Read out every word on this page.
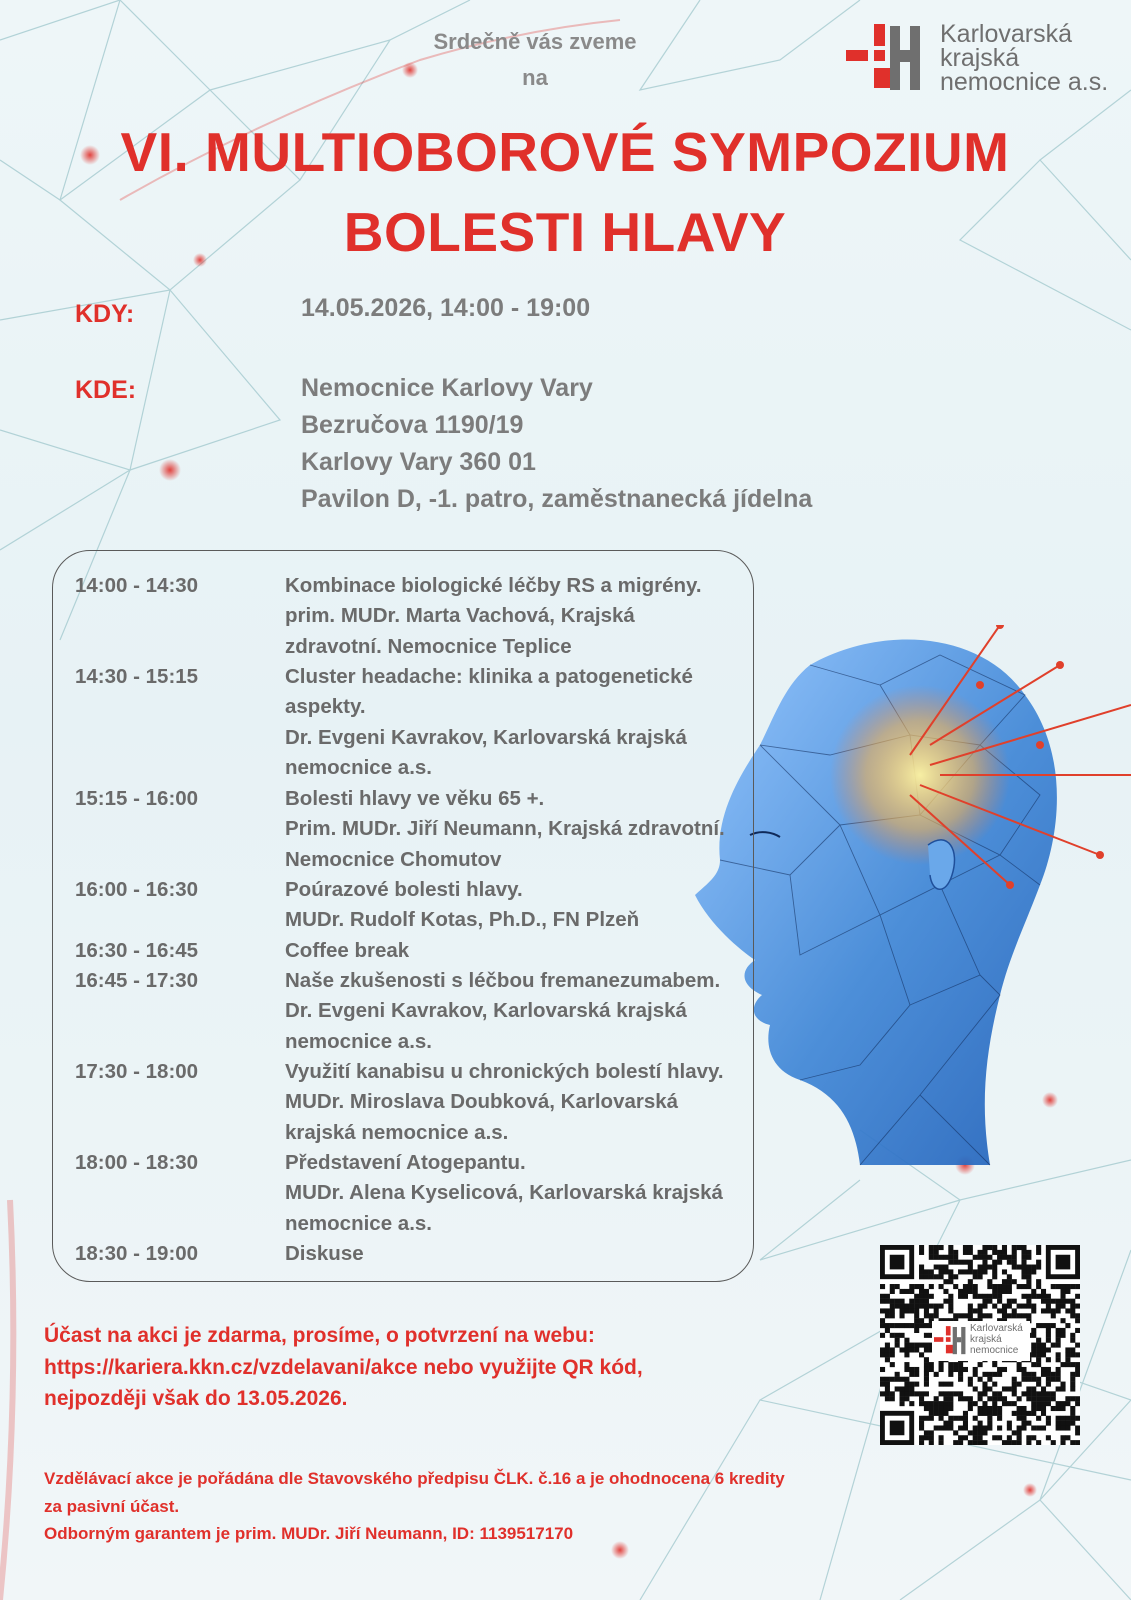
Srdečně vás zveme
na
Karlovarská
krajská
nemocnice a.s.
VI. MULTIOBOROVÉ SYMPOZIUM
BOLESTI HLAVY
KDY:	14.05.2026, 14:00 - 19:00
KDE:	Nemocnice Karlovy Vary
Bezručova 1190/19
Karlovy Vary 360 01
Pavilon D, -1. patro, zaměstnanecká jídelna
14:00 - 14:30	Kombinace biologické léčby RS a migrény.
prim. MUDr. Marta Vachová, Krajská
zdravotní. Nemocnice Teplice
14:30 - 15:15	Cluster headache: klinika a patogenetické
aspekty.
Dr. Evgeni Kavrakov, Karlovarská krajská
nemocnice a.s.
15:15 - 16:00	Bolesti hlavy ve věku 65 +.
Prim. MUDr. Jiří Neumann, Krajská zdravotní.
Nemocnice Chomutov
16:00 - 16:30	Poúrazové bolesti hlavy.
MUDr. Rudolf Kotas, Ph.D., FN Plzeň
16:30 - 16:45	Coffee break
16:45 - 17:30	Naše zkušenosti s léčbou fremanezumabem.
Dr. Evgeni Kavrakov, Karlovarská krajská
nemocnice a.s.
17:30 - 18:00	Využití kanabisu u chronických bolestí hlavy.
MUDr. Miroslava Doubková, Karlovarská
krajská nemocnice a.s.
18:00 - 18:30	Představení Atogepantu.
MUDr. Alena Kyselicová, Karlovarská krajská
nemocnice a.s.
18:30 - 19:00	Diskuse
Účast na akci je zdarma, prosíme, o potvrzení na webu:
https://kariera.kkn.cz/vzdelavani/akce nebo využijte QR kód,
nejpozději však do 13.05.2026.
Karlovarská
krajská
nemocnice
Vzdělávací akce je pořádána dle Stavovského předpisu ČLK. č.16 a je ohodnocena 6 kredity
za pasivní účast.
Odborným garantem je prim. MUDr. Jiří Neumann, ID: 1139517170
